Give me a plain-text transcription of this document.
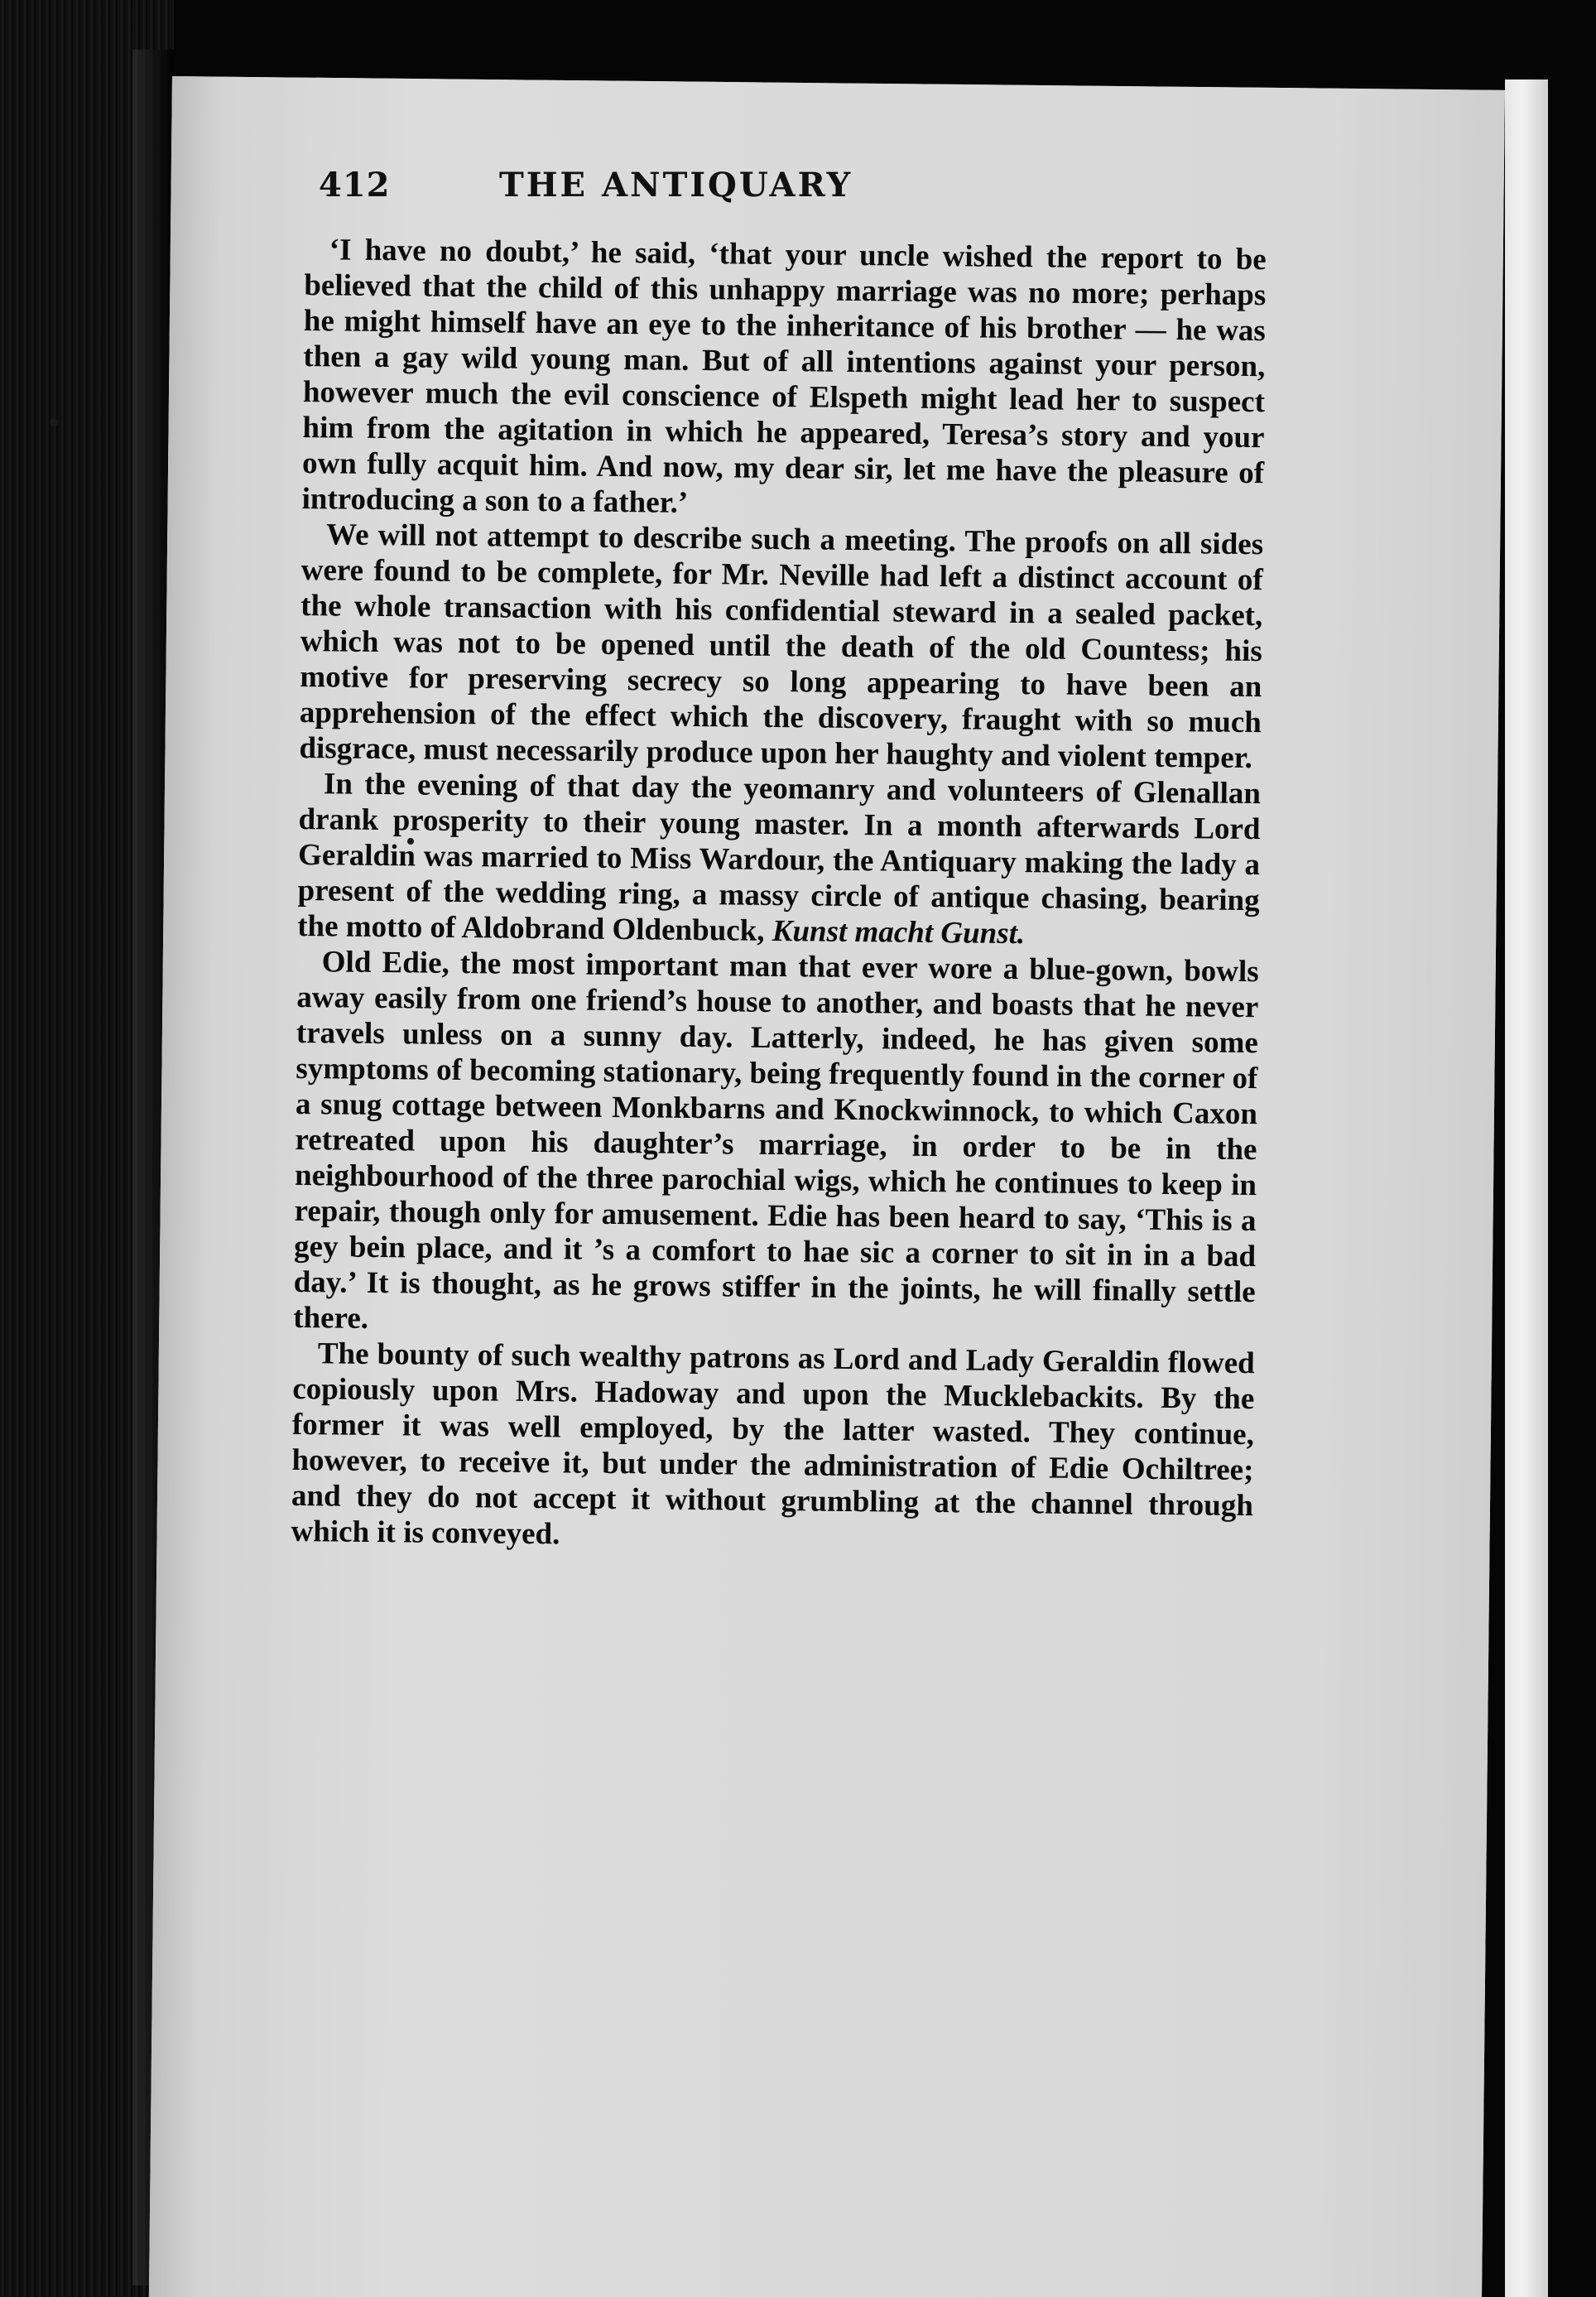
412	THE ANTIQUARY

‘I have no doubt,’ he said, ‘that your uncle wished the report to be believed that the child of this unhappy marriage was no more; perhaps he might himself have an eye to the inheritance of his brother — he was then a gay wild young man. But of all intentions against your person, however much the evil conscience of Elspeth might lead her to suspect him from the agitation in which he appeared, Teresa’s story and your own fully acquit him. And now, my dear sir, let me have the pleasure of introducing a son to a father.’

We will not attempt to describe such a meeting. The proofs on all sides were found to be complete, for Mr. Neville had left a distinct account of the whole transaction with his confidential steward in a sealed packet, which was not to be opened until the death of the old Countess; his motive for preserving secrecy so long appearing to have been an apprehension of the effect which the discovery, fraught with so much disgrace, must necessarily produce upon her haughty and violent temper.

In the evening of that day the yeomanry and volunteers of Glenallan drank prosperity to their young master. In a month afterwards Lord Geraldin was married to Miss Wardour, the Antiquary making the lady a present of the wedding ring, a massy circle of antique chasing, bearing the motto of Aldobrand Oldenbuck, Kunst macht Gunst.

Old Edie, the most important man that ever wore a blue-gown, bowls away easily from one friend’s house to another, and boasts that he never travels unless on a sunny day. Latterly, indeed, he has given some symptoms of becoming stationary, being frequently found in the corner of a snug cottage between Monkbarns and Knockwinnock, to which Caxon retreated upon his daughter’s marriage, in order to be in the neighbourhood of the three parochial wigs, which he continues to keep in repair, though only for amusement. Edie has been heard to say, ‘This is a gey bein place, and it ’s a comfort to hae sic a corner to sit in in a bad day.’ It is thought, as he grows stiffer in the joints, he will finally settle there.

The bounty of such wealthy patrons as Lord and Lady Geraldin flowed copiously upon Mrs. Hadoway and upon the Mucklebackits. By the former it was well employed, by the latter wasted. They continue, however, to receive it, but under the administration of Edie Ochiltree; and they do not accept it without grumbling at the channel through which it is conveyed.
